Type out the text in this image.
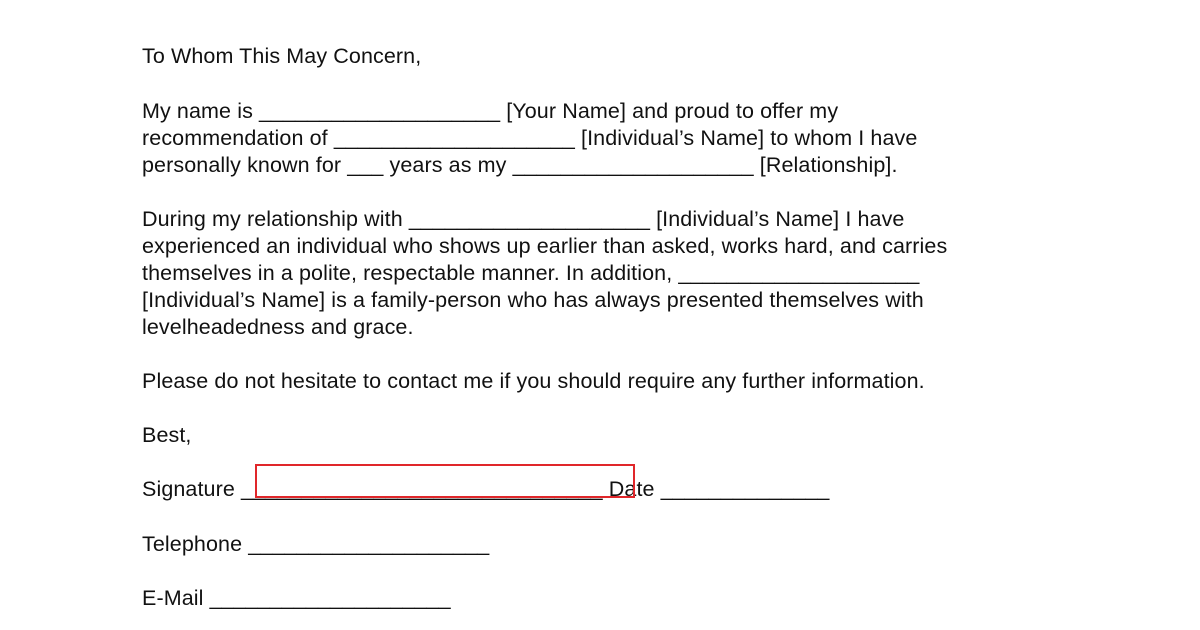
To Whom This May Concern,
My name is ____________________ [Your Name] and proud to offer my
recommendation of ____________________ [Individual’s Name] to whom I have
personally known for ___ years as my ____________________ [Relationship].
During my relationship with ____________________ [Individual’s Name] I have
experienced an individual who shows up earlier than asked, works hard, and carries
themselves in a polite, respectable manner. In addition, ____________________
[Individual’s Name] is a family-person who has always presented themselves with
levelheadedness and grace.
Please do not hesitate to contact me if you should require any further information.
Best,
Signature ______________________________ Date ______________
Telephone ____________________
E-Mail ____________________
